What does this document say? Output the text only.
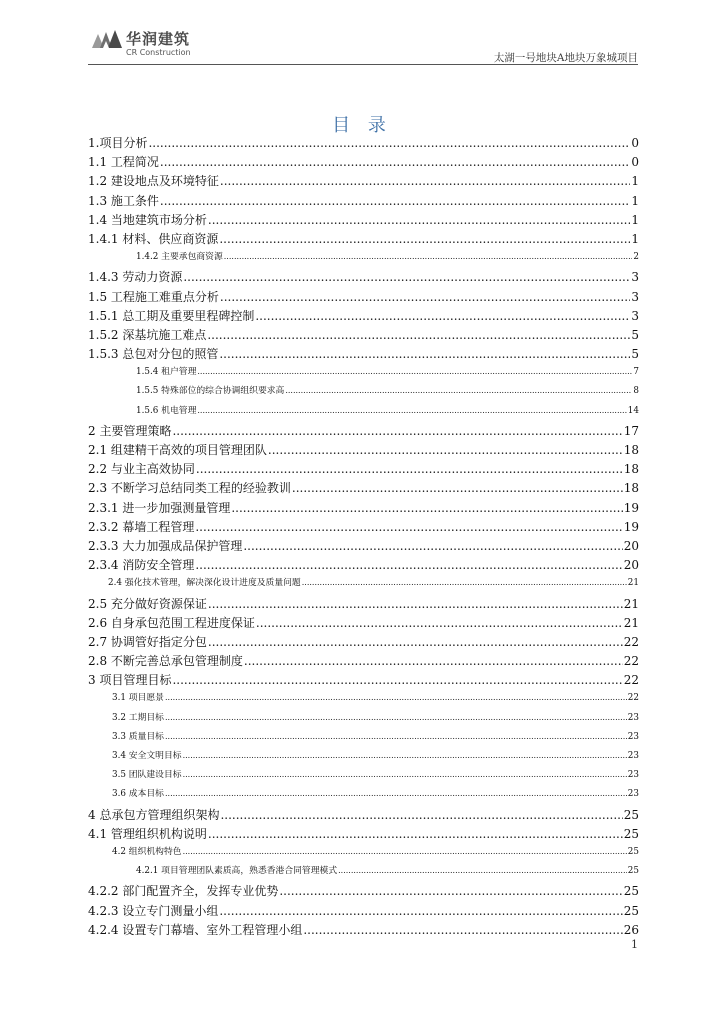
华润建筑
CR Construction	太湖一号地块A地块万象城项目
目 录
1.项目分析 .....	0
1.1 工程简况 .....	0
1.2 建设地点及环境特征 .....	1
1.3 施工条件 .....	1
1.4 当地建筑市场分析 .....	1
1.4.1 材料、供应商资源 .....	1
1.4.2 主要承包商资源 .....	2
1.4.3 劳动力资源 .....	3
1.5 工程施工难重点分析 .....	3
1.5.1 总工期及重要里程碑控制 .....	3
1.5.2 深基坑施工难点 .....	5
1.5.3 总包对分包的照管 .....	5
1.5.4 租户管理 .....	7
1.5.5 特殊部位的综合协调组织要求高 .....	8
1.5.6 机电管理 .....	14
2 主要管理策略 .....	17
2.1 组建精干高效的项目管理团队 .....	18
2.2 与业主高效协同 .....	18
2.3 不断学习总结同类工程的经验教训 .....	18
2.3.1 进一步加强测量管理 .....	19
2.3.2 幕墙工程管理 .....	19
2.3.3 大力加强成品保护管理 .....	20
2.3.4 消防安全管理 .....	20
2.4 强化技术管理，解决深化设计进度及质量问题 .....	21
2.5 充分做好资源保证 .....	21
2.6 自身承包范围工程进度保证 .....	21
2.7 协调管好指定分包 .....	22
2.8 不断完善总承包管理制度 .....	22
3 项目管理目标 .....	22
3.1 项目愿景 .....	22
3.2 工期目标 .....	23
3.3 质量目标 .....	23
3.4 安全文明目标 .....	23
3.5 团队建设目标 .....	23
3.6 成本目标 .....	23
4 总承包方管理组织架构 .....	25
4.1 管理组织机构说明 .....	25
4.2 组织机构特色 .....	25
4.2.1 项目管理团队素质高，熟悉香港合同管理模式 .....	25
4.2.2 部门配置齐全，发挥专业优势 .....	25
4.2.3 设立专门测量小组 .....	25
4.2.4 设置专门幕墙、室外工程管理小组 .....	26
1
